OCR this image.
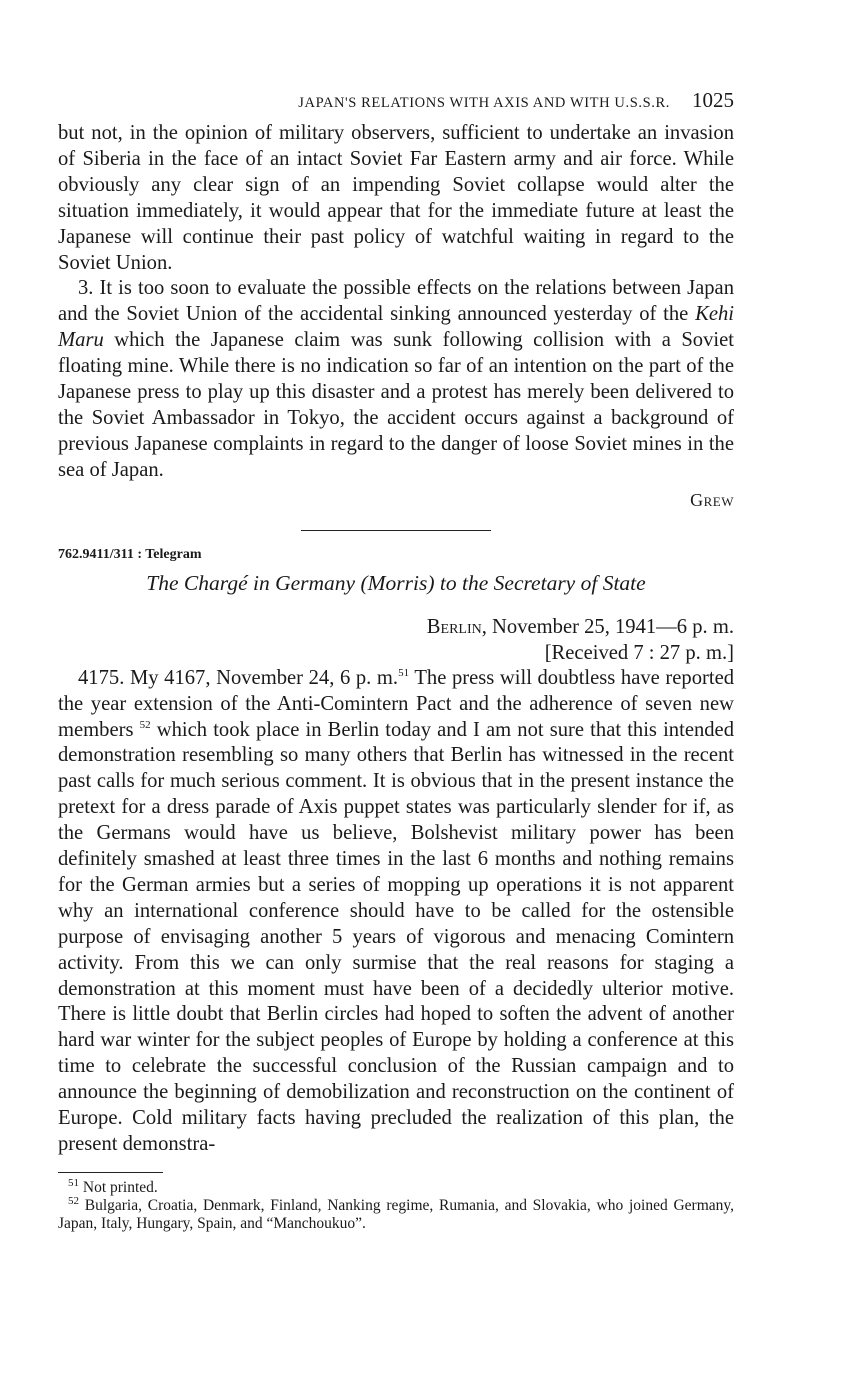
JAPAN'S RELATIONS WITH AXIS AND WITH U.S.S.R. 1025

but not, in the opinion of military observers, sufficient to undertake an invasion of Siberia in the face of an intact Soviet Far Eastern army and air force. While obviously any clear sign of an impending Soviet collapse would alter the situation immediately, it would appear that for the immediate future at least the Japanese will continue their past policy of watchful waiting in regard to the Soviet Union.

3. It is too soon to evaluate the possible effects on the relations between Japan and the Soviet Union of the accidental sinking announced yesterday of the Kehi Maru which the Japanese claim was sunk following collision with a Soviet floating mine. While there is no indication so far of an intention on the part of the Japanese press to play up this disaster and a protest has merely been delivered to the Soviet Ambassador in Tokyo, the accident occurs against a background of previous Japanese complaints in regard to the danger of loose Soviet mines in the sea of Japan.

Grew

762.9411/311 : Telegram

The Chargé in Germany (Morris) to the Secretary of State
Berlin, November 25, 1941—6 p. m.
[Received 7 : 27 p. m.]

4175. My 4167, November 24, 6 p. m.$^{51}$ The press will doubtless have reported the year extension of the Anti-Comintern Pact and the adherence of seven new members $^{52}$ which took place in Berlin today and I am not sure that this intended demonstration resembling so many others that Berlin has witnessed in the recent past calls for much serious comment. It is obvious that in the present instance the pretext for a dress parade of Axis puppet states was particularly slender for if, as the Germans would have us believe, Bolshevist military power has been definitely smashed at least three times in the last 6 months and nothing remains for the German armies but a series of mopping up operations it is not apparent why an international conference should have to be called for the ostensible purpose of envisaging another 5 years of vigorous and menacing Comintern activity. From this we can only surmise that the real reasons for staging a demonstration at this moment must have been of a decidedly ulterior motive. There is little doubt that Berlin circles had hoped to soften the advent of another hard war winter for the subject peoples of Europe by holding a conference at this time to celebrate the successful conclusion of the Russian campaign and to announce the beginning of demobilization and reconstruction on the continent of Europe. Cold military facts having precluded the realization of this plan, the present demonstra-

$^{51}$ Not printed.

$^{52}$ Bulgaria, Croatia, Denmark, Finland, Nanking regime, Rumania, and Slovakia, who joined Germany, Japan, Italy, Hungary, Spain, and “Manchoukuo”.
